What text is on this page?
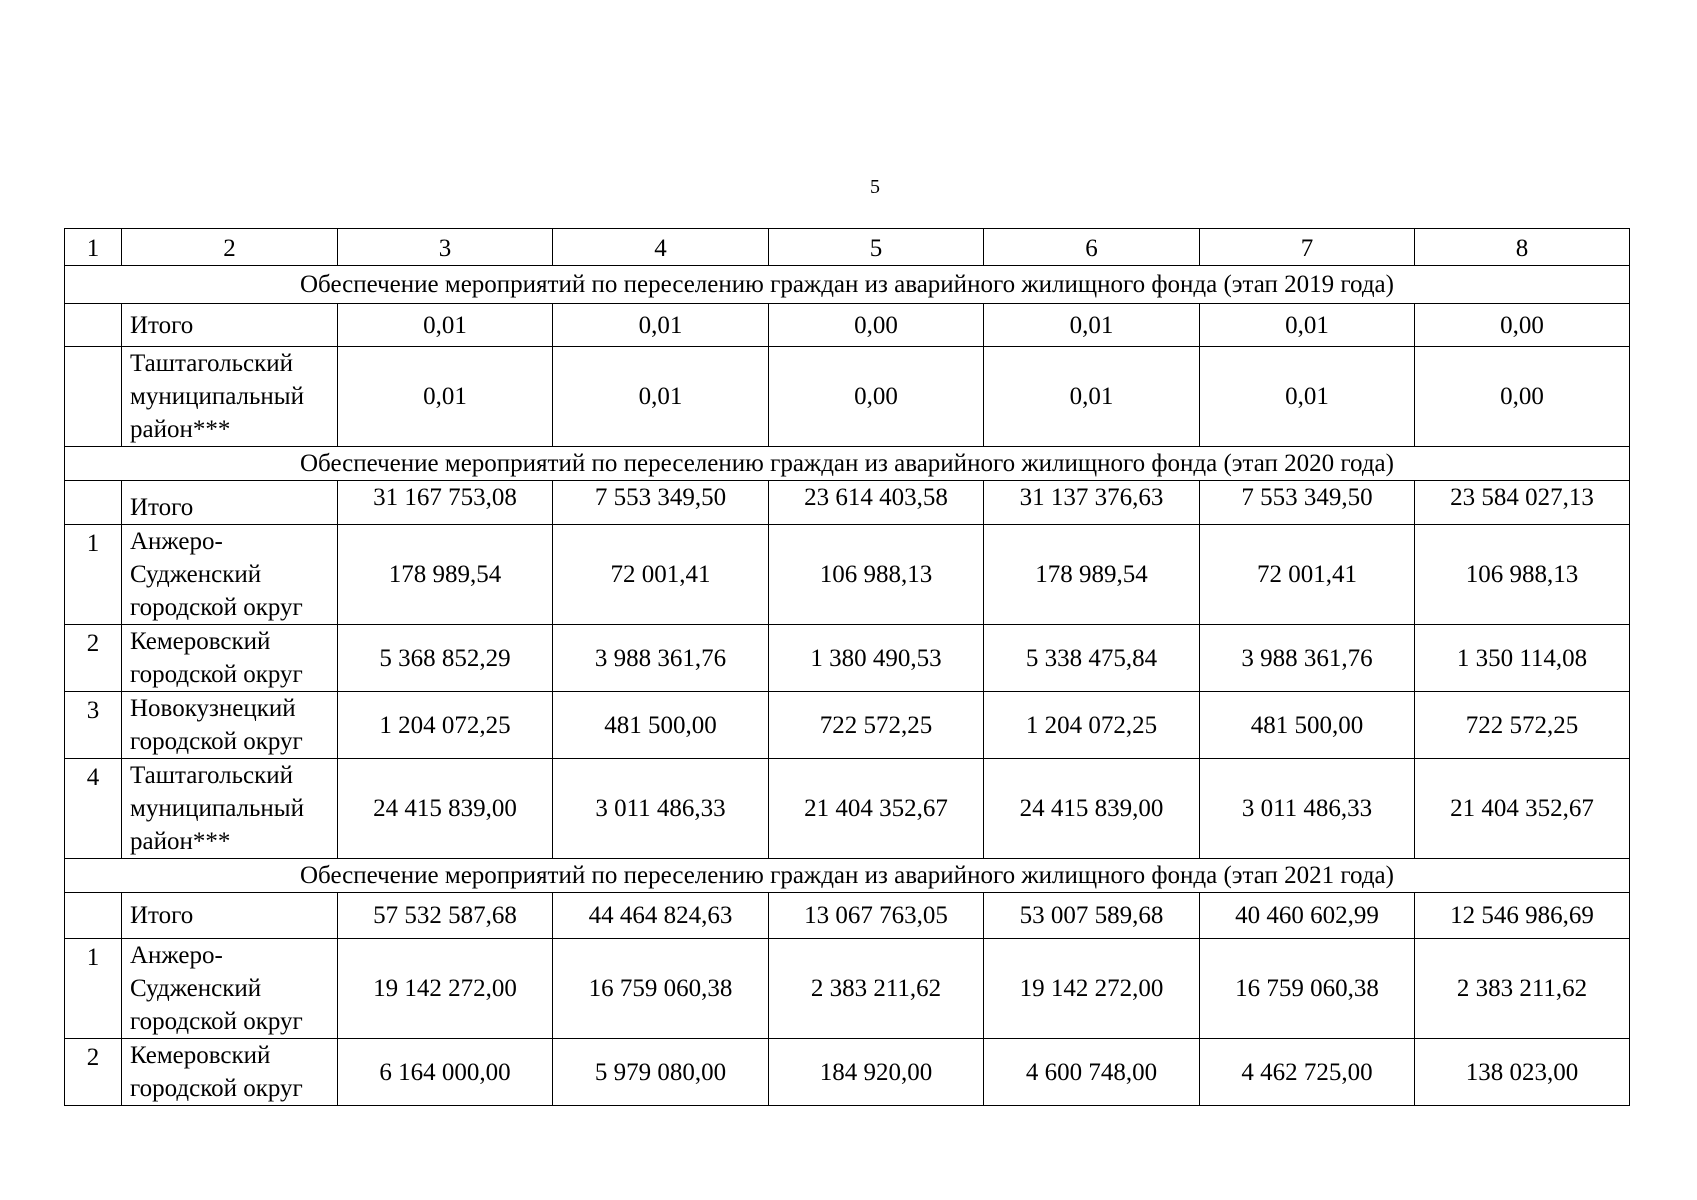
5
1	2	3	4	5	6	7	8
Обеспечение мероприятий по переселению граждан из аварийного жилищного фонда (этап 2019 года)							
	Итого	0,01	0,01	0,00	0,01	0,01	0,00
	Таштагольский муниципальный район***	0,01	0,01	0,00	0,01	0,01	0,00
Обеспечение мероприятий по переселению граждан из аварийного жилищного фонда (этап 2020 года)							
	Итого	31 167 753,08	7 553 349,50	23 614 403,58	31 137 376,63	7 553 349,50	23 584 027,13
1	Анжеро-Судженский городской округ	178 989,54	72 001,41	106 988,13	178 989,54	72 001,41	106 988,13
2	Кемеровский городской округ	5 368 852,29	3 988 361,76	1 380 490,53	5 338 475,84	3 988 361,76	1 350 114,08
3	Новокузнецкий городской округ	1 204 072,25	481 500,00	722 572,25	1 204 072,25	481 500,00	722 572,25
4	Таштагольский муниципальный район***	24 415 839,00	3 011 486,33	21 404 352,67	24 415 839,00	3 011 486,33	21 404 352,67
Обеспечение мероприятий по переселению граждан из аварийного жилищного фонда (этап 2021 года)							
	Итого	57 532 587,68	44 464 824,63	13 067 763,05	53 007 589,68	40 460 602,99	12 546 986,69
1	Анжеро-Судженский городской округ	19 142 272,00	16 759 060,38	2 383 211,62	19 142 272,00	16 759 060,38	2 383 211,62
2	Кемеровский городской округ	6 164 000,00	5 979 080,00	184 920,00	4 600 748,00	4 462 725,00	138 023,00
